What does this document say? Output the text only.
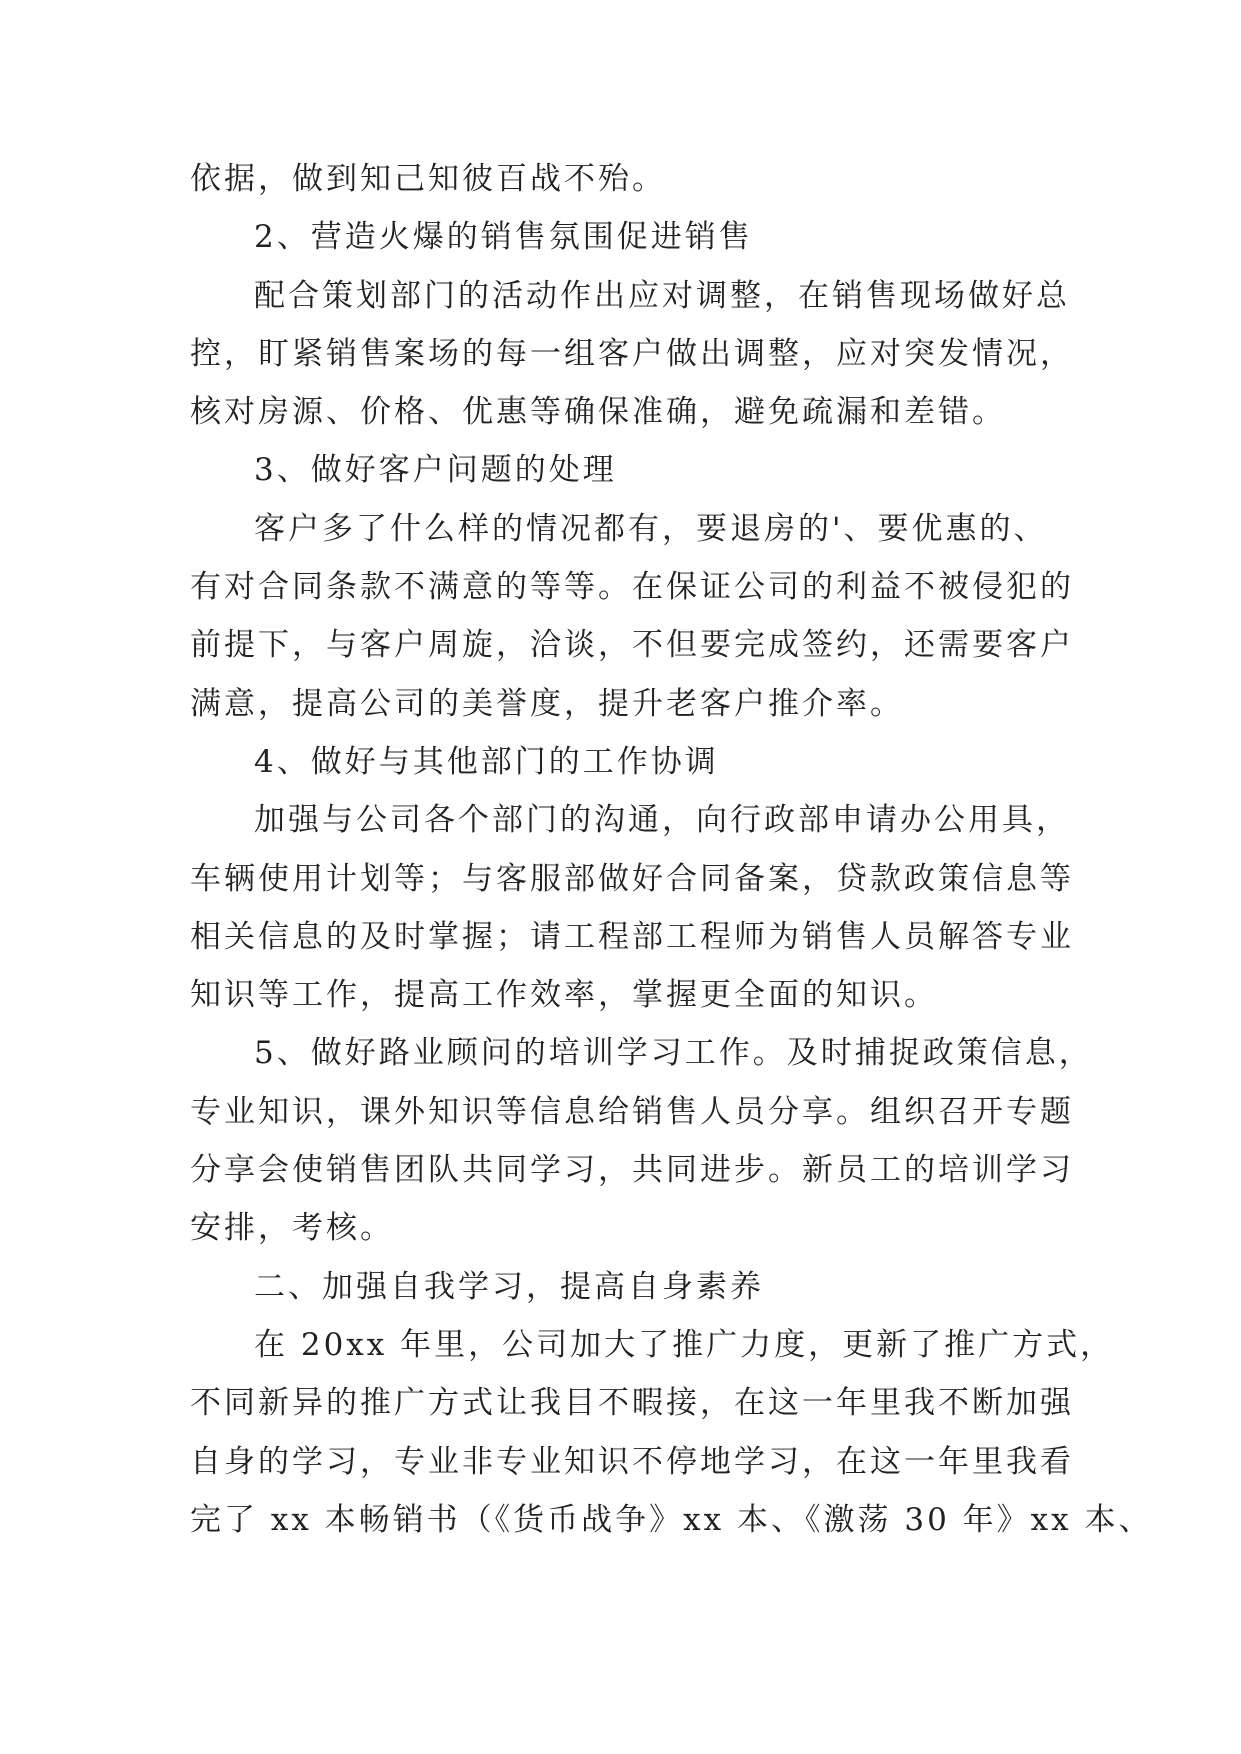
依据，做到知己知彼百战不殆。
2、营造火爆的销售氛围促进销售
配合策划部门的活动作出应对调整，在销售现场做好总
控，盯紧销售案场的每一组客户做出调整，应对突发情况，
核对房源、价格、优惠等确保准确，避免疏漏和差错。
3、做好客户问题的处理
客户多了什么样的情况都有，要退房的'、要优惠的、
有对合同条款不满意的等等。在保证公司的利益不被侵犯的
前提下，与客户周旋，洽谈，不但要完成签约，还需要客户
满意，提高公司的美誉度，提升老客户推介率。
4、做好与其他部门的工作协调
加强与公司各个部门的沟通，向行政部申请办公用具，
车辆使用计划等；与客服部做好合同备案，贷款政策信息等
相关信息的及时掌握；请工程部工程师为销售人员解答专业
知识等工作，提高工作效率，掌握更全面的知识。
5、做好路业顾问的培训学习工作。及时捕捉政策信息，
专业知识，课外知识等信息给销售人员分享。组织召开专题
分享会使销售团队共同学习，共同进步。新员工的培训学习
安排，考核。
二、加强自我学习，提高自身素养
在 20xx 年里，公司加大了推广力度，更新了推广方式，
不同新异的推广方式让我目不暇接，在这一年里我不断加强
自身的学习，专业非专业知识不停地学习，在这一年里我看
完了 xx 本畅销书（《货币战争》xx 本、《激荡 30 年》xx 本、
